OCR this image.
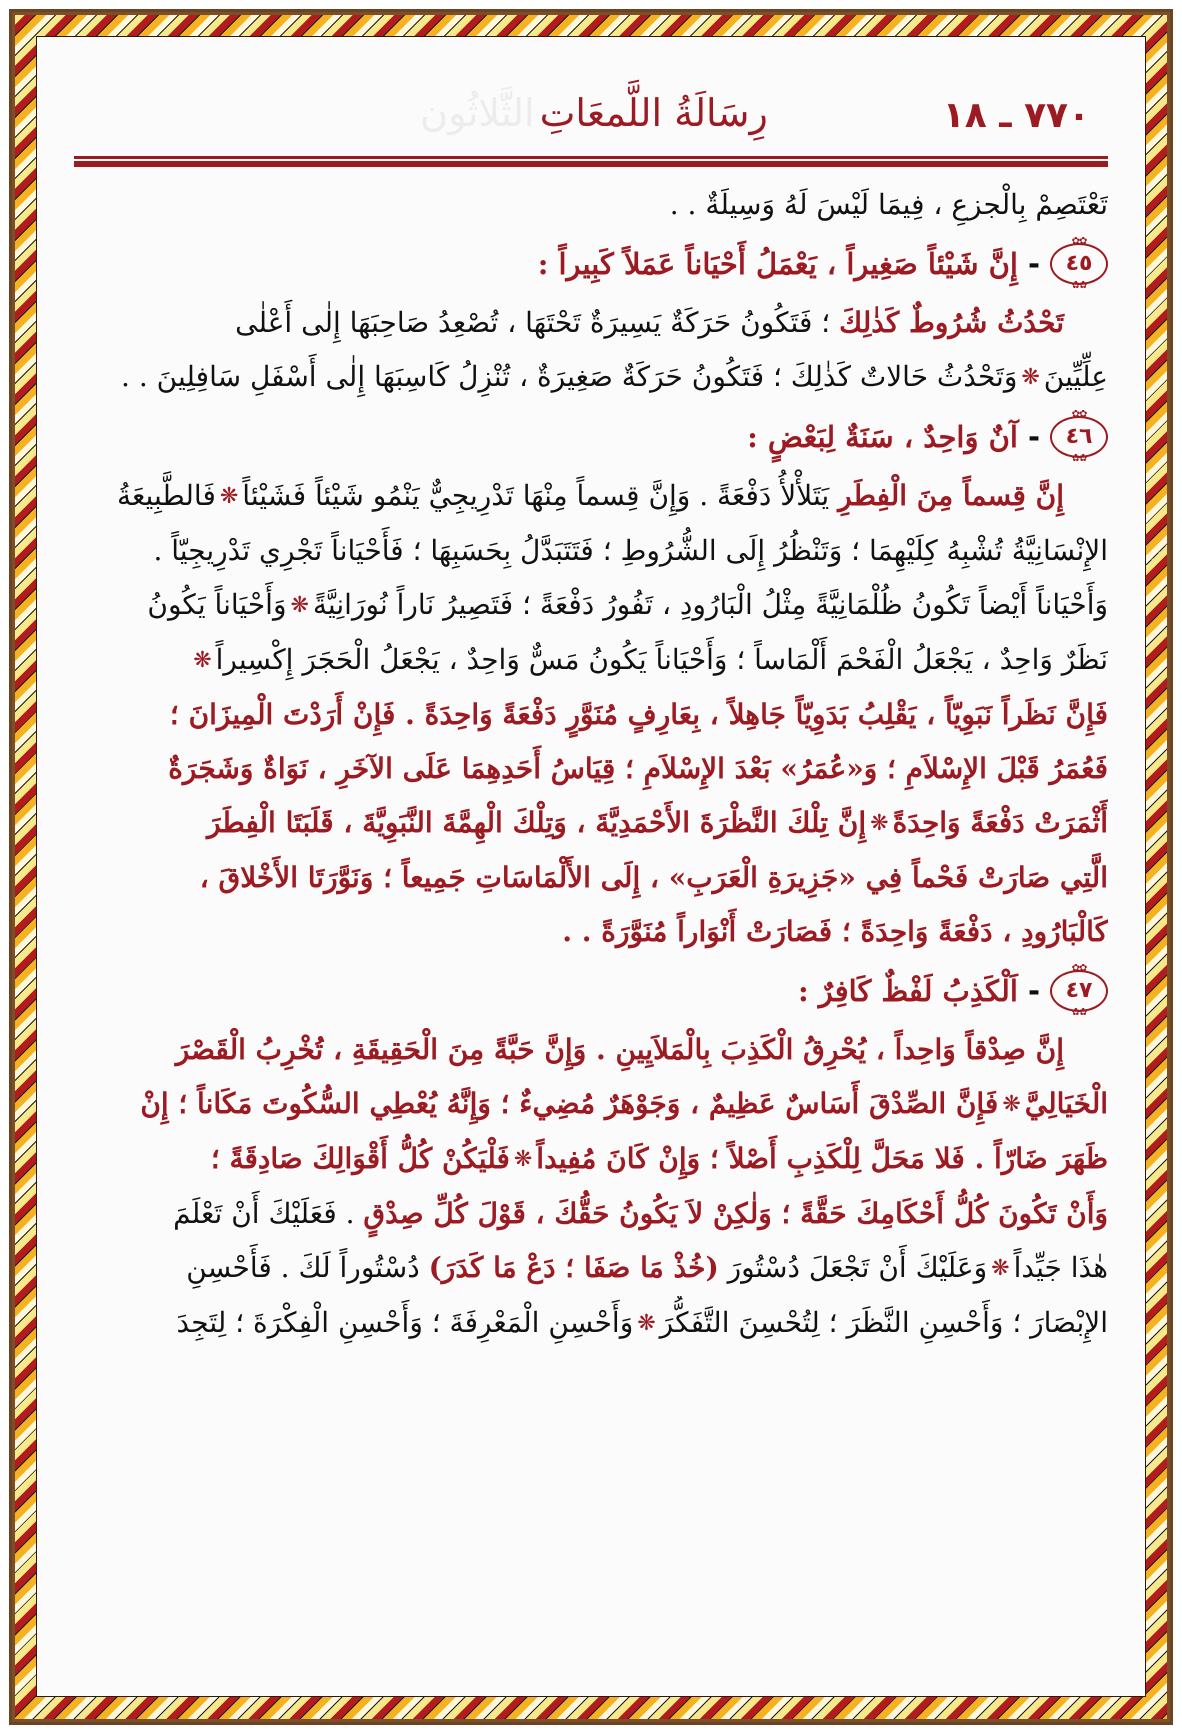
٧٧٠ ـ ١٨
رِسَالَةُ اللَّمعَاتِ الثَّلاثُون
تَعْتَصِمْ بِالْجزعِ ، فِيمَا لَيْسَ لَهُ وَسِيلَةٌ . .
✿✿ ٤٥ ✿✿
-
إِنَّ شَيْئاً صَغِيراً ، يَعْمَلُ أَحْيَاناً عَمَلاً كَبِيراً :
تَحْدُثُ شُرُوطٌ كَذٰلِكَ ؛ فَتَكُونُ حَرَكَةٌ يَسِيرَةٌ تَحْتَهَا ، تُصْعِدُ صَاحِبَهَا إِلٰى أَعْلٰى
عِلِّيِّينَ❋وَتَحْدُثُ حَالاتٌ كَذٰلِكَ ؛ فَتَكُونُ حَرَكَةٌ صَغِيرَةٌ ، تُنْزِلُ كَاسِبَهَا إِلٰى أَسْفَلِ سَافِلِينَ . .
✿✿ ٤٦ ✿✿
-
آنٌ وَاحِدٌ ، سَنَةٌ لِبَعْضٍ :
إِنَّ قِسماً مِنَ الْفِطَرِ يَتَلأْلأُ دَفْعَةً . وَإِنَّ قِسماً مِنْهَا تَدْرِيجِيٌّ يَنْمُو شَيْئاً فَشَيْئاً❋فَالطَّبِيعَةُ
الإِنْسَانِيَّةُ تُشْبِهُ كِلَيْهِمَا ؛ وَتَنْظُرُ إِلَى الشُّرُوطِ ؛ فَتَتَبَدَّلُ بِحَسَبِهَا ؛ فَأَحْيَاناً تَجْرِي تَدْرِيجِيّاً .
وَأَحْيَاناً أَيْضاً تَكُونُ ظُلْمَانِيَّةً مِثْلُ الْبَارُودِ ، تَفُورُ دَفْعَةً ؛ فَتَصِيرُ نَاراً نُورَانِيَّةً❋وَأَحْيَاناً يَكُونُ
نَظَرٌ وَاحِدٌ ، يَجْعَلُ الْفَحْمَ أَلْمَاساً ؛ وَأَحْيَاناً يَكُونُ مَسٌّ وَاحِدٌ ، يَجْعَلُ الْحَجَرَ إِكْسِيراً❋
فَإِنَّ نَظَراً نَبَوِيّاً ، يَقْلِبُ بَدَوِيّاً جَاهِلاً ، بِعَارِفٍ مُنَوَّرٍ دَفْعَةً وَاحِدَةً . فَإِنْ أَرَدْتَ الْمِيزَانَ ؛
فَعُمَرُ قَبْلَ الإِسْلاَمِ ؛ وَ«عُمَرُ» بَعْدَ الإِسْلاَمِ ؛ قِيَاسُ أَحَدِهِمَا عَلَى الآخَرِ ، نَوَاةٌ وَشَجَرَةٌ
أَثْمَرَتْ دَفْعَةً وَاحِدَةً❋إِنَّ تِلْكَ النَّظْرَةَ الأَحْمَدِيَّةَ ، وَتِلْكَ الْهِمَّةَ النَّبَوِيَّةَ ، قَلَبَتَا الْفِطَرَ
الَّتِي صَارَتْ فَحْماً فِي «جَزِيرَةِ الْعَرَبِ» ، إِلَى الأَلْمَاسَاتِ جَمِيعاً ؛ وَنَوَّرَتَا الأَخْلاقَ ،
كَالْبَارُودِ ، دَفْعَةً وَاحِدَةً ؛ فَصَارَتْ أَنْوَاراً مُنَوَّرَةً . .
✿✿ ٤٧ ✿✿
-
اَلْكَذِبُ لَفْظٌ كَافِرٌ :
إِنَّ صِدْقاً وَاحِداً ، يُحْرِقُ الْكَذِبَ بِالْمَلاَيِينِ . وَإِنَّ حَبَّةً مِنَ الْحَقِيقَةِ ، تُخْرِبُ الْقَصْرَ
الْخَيَالِيَّ❋فَإِنَّ الصِّدْقَ أَسَاسٌ عَظِيمٌ ، وَجَوْهَرٌ مُضِيءٌ ؛ وَإِنَّهُ يُعْطِي السُّكُوتَ مَكَاناً ؛ إِنْ
ظَهَرَ ضَارّاً . فَلا مَحَلَّ لِلْكَذِبِ أَصْلاً ؛ وَإِنْ كَانَ مُفِيداً❋فَلْيَكُنْ كُلُّ أَقْوَالِكَ صَادِقَةً ؛
وَأَنْ تَكُونَ كُلُّ أَحْكَامِكَ حَقَّةً ؛ وَلٰكِنْ لاَ يَكُونُ حَقُّكَ ، قَوْلَ كُلِّ صِدْقٍ . فَعَلَيْكَ أَنْ تَعْلَمَ
هٰذَا جَيِّداً❋وَعَلَيْكَ أَنْ تَجْعَلَ دُسْتُورَ (خُذْ مَا صَفَا ؛ دَعْ مَا كَدَرَ) دُسْتُوراً لَكَ . فَأَحْسِنِ
الإِبْصَارَ ؛ وَأَحْسِنِ النَّظَرَ ؛ لِتُحْسِنَ التَّفَكُّرَ❋وَأَحْسِنِ الْمَعْرِفَةَ ؛ وَأَحْسِنِ الْفِكْرَةَ ؛ لِتَجِدَ
